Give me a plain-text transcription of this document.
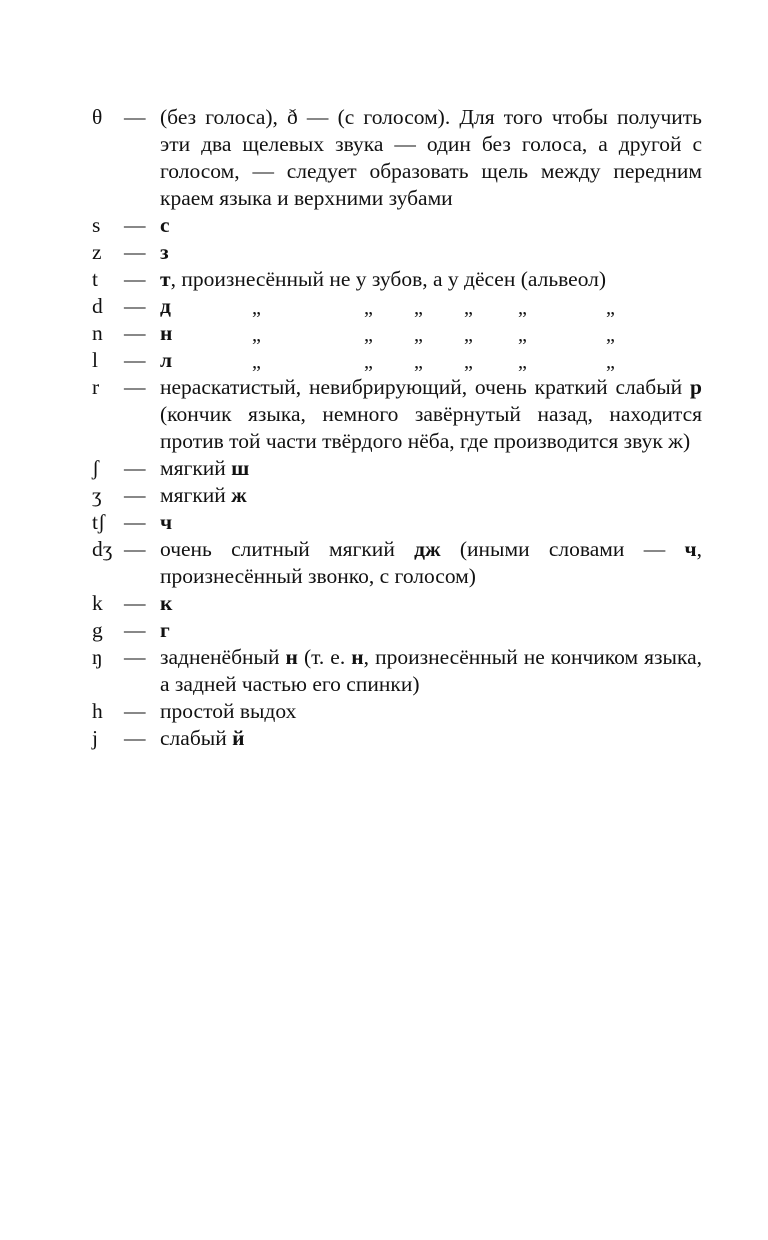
θ	— (без голоса), ð — (с голосом). Для того чтобы получить эти два щелевых звука — один без голоса, а другой с голосом, — следует образовать щель между передним краем языка и верхними зубами
s	— с
z	— з
t	— т, произнесённый не у зубов, а у дёсен (альвеол)
d — д	„	„ „ „ „	„
n — н	„	„ „ „ „	„
l	— л	„	„ „ „ „	„
r	— нераскатистый, невибрирующий, очень краткий слабый р (кончик языка, немного завёрнутый назад, находится против той части твёрдого нёба, где производится звук ж)
ʃ	— мягкий ш
ʒ	— мягкий ж
tʃ — ч
dʒ — очень слитный мягкий дж (иными словами — ч, произнесённый звонко, с голосом)
k — к
g — г
ŋ — задненёбный н (т. е. н, произнесённый не кончиком языка, а задней частью его спинки)
h — простой выдох
j	— слабый й
